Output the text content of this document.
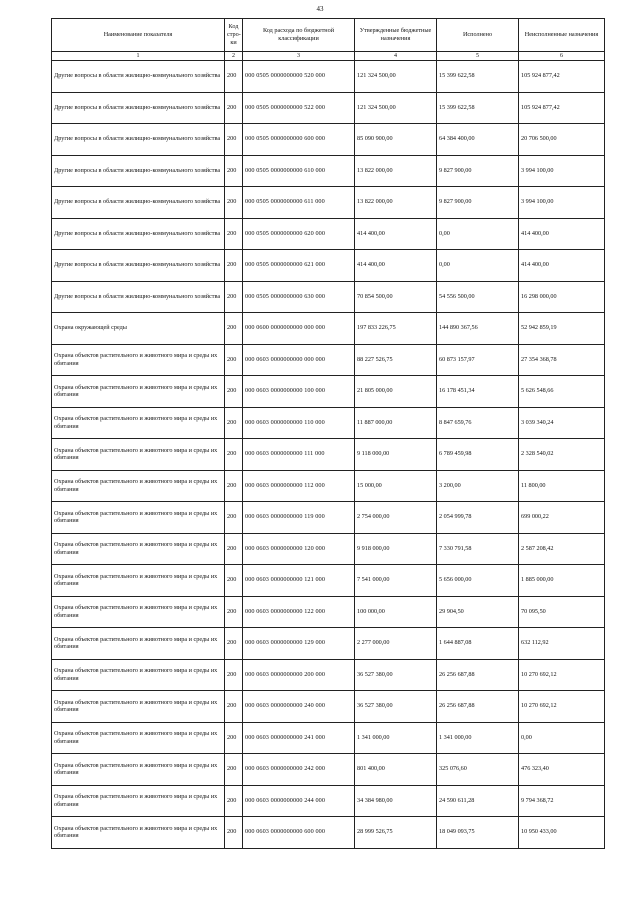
43
Наименование показателя	Код стро- ки	Код расхода по бюджетной классификации	Утвержденные бюджетные назначения	Исполнено	Неисполненные назначения
1	2	3	4	5	6
Другие вопросы в области жилищно-коммунального хозяйства	200	000 0505 0000000000 520 000	121 324 500,00	15 399 622,58	105 924 877,42
Другие вопросы в области жилищно-коммунального хозяйства	200	000 0505 0000000000 522 000	121 324 500,00	15 399 622,58	105 924 877,42
Другие вопросы в области жилищно-коммунального хозяйства	200	000 0505 0000000000 600 000	85 090 900,00	64 384 400,00	20 706 500,00
Другие вопросы в области жилищно-коммунального хозяйства	200	000 0505 0000000000 610 000	13 822 000,00	9 827 900,00	3 994 100,00
Другие вопросы в области жилищно-коммунального хозяйства	200	000 0505 0000000000 611 000	13 822 000,00	9 827 900,00	3 994 100,00
Другие вопросы в области жилищно-коммунального хозяйства	200	000 0505 0000000000 620 000	414 400,00	0,00	414 400,00
Другие вопросы в области жилищно-коммунального хозяйства	200	000 0505 0000000000 621 000	414 400,00	0,00	414 400,00
Другие вопросы в области жилищно-коммунального хозяйства	200	000 0505 0000000000 630 000	70 854 500,00	54 556 500,00	16 298 000,00
Охрана окружающей среды	200	000 0600 0000000000 000 000	197 833 226,75	144 890 367,56	52 942 859,19
Охрана объектов растительного и животного мира и среды их обитания	200	000 0603 0000000000 000 000	88 227 526,75	60 873 157,97	27 354 368,78
Охрана объектов растительного и животного мира и среды их обитания	200	000 0603 0000000000 100 000	21 805 000,00	16 178 451,34	5 626 548,66
Охрана объектов растительного и животного мира и среды их обитания	200	000 0603 0000000000 110 000	11 887 000,00	8 847 659,76	3 039 340,24
Охрана объектов растительного и животного мира и среды их обитания	200	000 0603 0000000000 111 000	9 118 000,00	6 789 459,98	2 328 540,02
Охрана объектов растительного и животного мира и среды их обитания	200	000 0603 0000000000 112 000	15 000,00	3 200,00	11 800,00
Охрана объектов растительного и животного мира и среды их обитания	200	000 0603 0000000000 119 000	2 754 000,00	2 054 999,78	699 000,22
Охрана объектов растительного и животного мира и среды их обитания	200	000 0603 0000000000 120 000	9 918 000,00	7 330 791,58	2 587 208,42
Охрана объектов растительного и животного мира и среды их обитания	200	000 0603 0000000000 121 000	7 541 000,00	5 656 000,00	1 885 000,00
Охрана объектов растительного и животного мира и среды их обитания	200	000 0603 0000000000 122 000	100 000,00	29 904,50	70 095,50
Охрана объектов растительного и животного мира и среды их обитания	200	000 0603 0000000000 129 000	2 277 000,00	1 644 887,08	632 112,92
Охрана объектов растительного и животного мира и среды их обитания	200	000 0603 0000000000 200 000	36 527 380,00	26 256 687,88	10 270 692,12
Охрана объектов растительного и животного мира и среды их обитания	200	000 0603 0000000000 240 000	36 527 380,00	26 256 687,88	10 270 692,12
Охрана объектов растительного и животного мира и среды их обитания	200	000 0603 0000000000 241 000	1 341 000,00	1 341 000,00	0,00
Охрана объектов растительного и животного мира и среды их обитания	200	000 0603 0000000000 242 000	801 400,00	325 076,60	476 323,40
Охрана объектов растительного и животного мира и среды их обитания	200	000 0603 0000000000 244 000	34 384 980,00	24 590 611,28	9 794 368,72
Охрана объектов растительного и животного мира и среды их обитания	200	000 0603 0000000000 600 000	28 999 526,75	18 049 093,75	10 950 433,00
